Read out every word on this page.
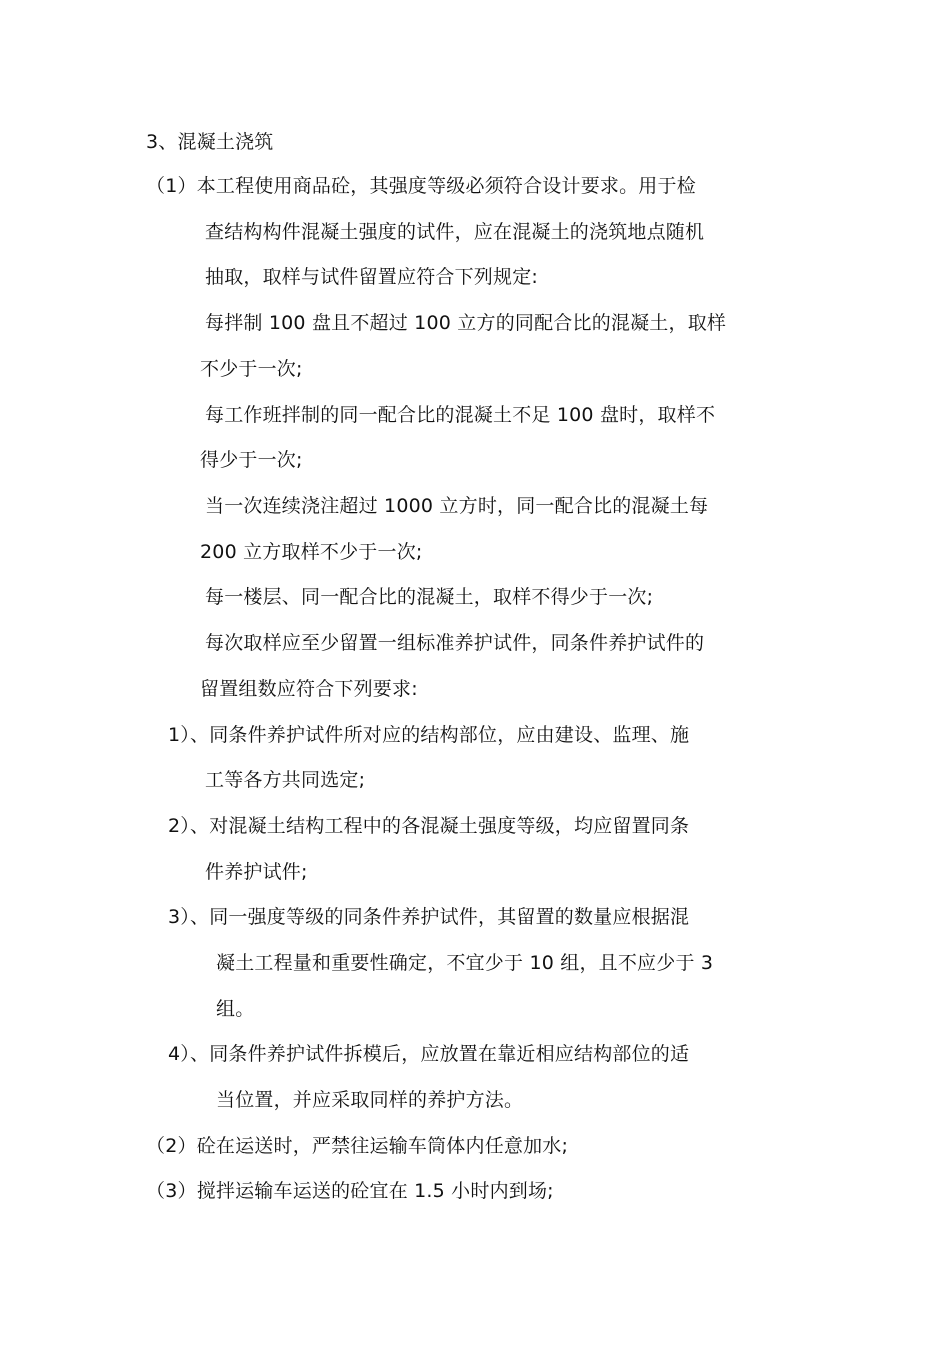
3、混凝土浇筑
（1）本工程使用商品砼，其强度等级必须符合设计要求。用于检
查结构构件混凝土强度的试件，应在混凝土的浇筑地点随机
抽取，取样与试件留置应符合下列规定:
每拌制 100 盘且不超过 100 立方的同配合比的混凝土，取样
不少于一次;
每工作班拌制的同一配合比的混凝土不足 100 盘时，取样不
得少于一次;
当一次连续浇注超过 1000 立方时，同一配合比的混凝土每
200 立方取样不少于一次;
每一楼层、同一配合比的混凝土，取样不得少于一次;
每次取样应至少留置一组标准养护试件，同条件养护试件的
留置组数应符合下列要求:
1）、同条件养护试件所对应的结构部位，应由建设、监理、施
工等各方共同选定;
2）、对混凝土结构工程中的各混凝土强度等级，均应留置同条
件养护试件;
3）、同一强度等级的同条件养护试件，其留置的数量应根据混
凝土工程量和重要性确定，不宜少于 10 组，且不应少于 3
组。
4）、同条件养护试件拆模后，应放置在靠近相应结构部位的适
当位置，并应采取同样的养护方法。
（2）砼在运送时，严禁往运输车筒体内任意加水;
（3）搅拌运输车运送的砼宜在 1.5 小时内到场;
